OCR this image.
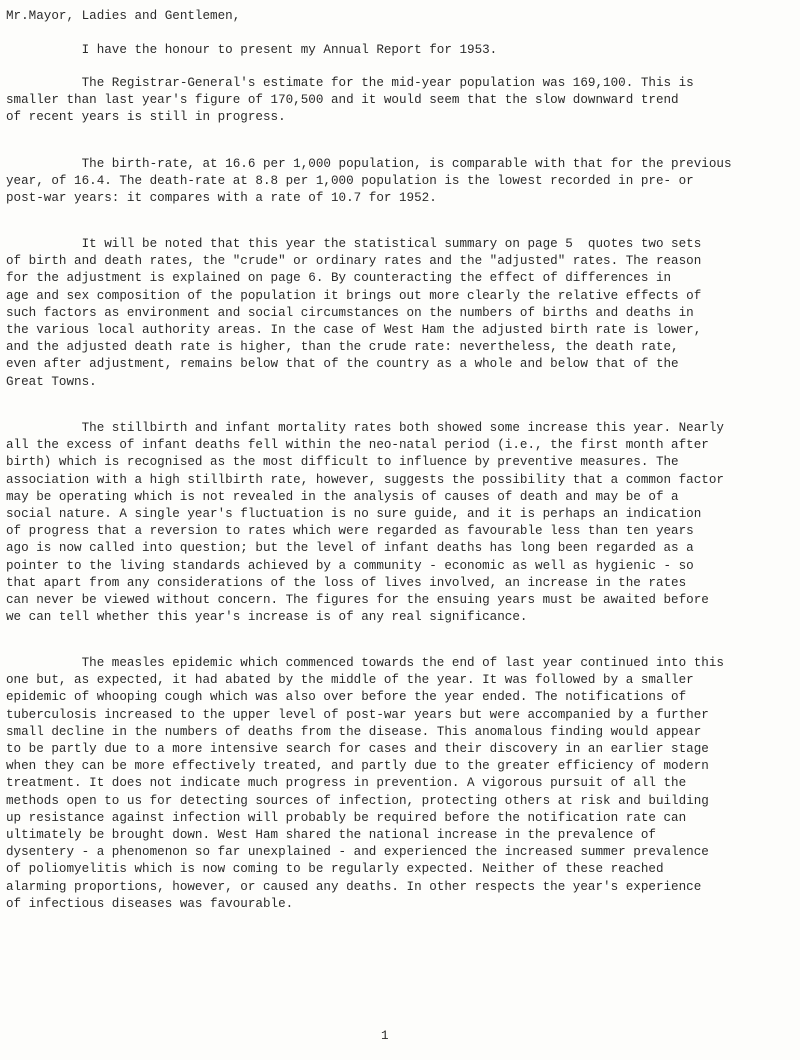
Mr.Mayor, Ladies and Gentlemen,
I have the honour to present my Annual Report for 1953.
The Registrar-General's estimate for the mid-year population was 169,100. This is
smaller than last year's figure of 170,500 and it would seem that the slow downward trend
of recent years is still in progress.
The birth-rate, at 16.6 per 1,000 population, is comparable with that for the previous
year, of 16.4. The death-rate at 8.8 per 1,000 population is the lowest recorded in pre- or
post-war years: it compares with a rate of 10.7 for 1952.
It will be noted that this year the statistical summary on page 5  quotes two sets
of birth and death rates, the "crude" or ordinary rates and the "adjusted" rates. The reason
for the adjustment is explained on page 6. By counteracting the effect of differences in
age and sex composition of the population it brings out more clearly the relative effects of
such factors as environment and social circumstances on the numbers of births and deaths in
the various local authority areas. In the case of West Ham the adjusted birth rate is lower,
and the adjusted death rate is higher, than the crude rate: nevertheless, the death rate,
even after adjustment, remains below that of the country as a whole and below that of the
Great Towns.
The stillbirth and infant mortality rates both showed some increase this year. Nearly
all the excess of infant deaths fell within the neo-natal period (i.e., the first month after
birth) which is recognised as the most difficult to influence by preventive measures. The
association with a high stillbirth rate, however, suggests the possibility that a common factor
may be operating which is not revealed in the analysis of causes of death and may be of a
social nature. A single year's fluctuation is no sure guide, and it is perhaps an indication
of progress that a reversion to rates which were regarded as favourable less than ten years
ago is now called into question; but the level of infant deaths has long been regarded as a
pointer to the living standards achieved by a community - economic as well as hygienic - so
that apart from any considerations of the loss of lives involved, an increase in the rates
can never be viewed without concern. The figures for the ensuing years must be awaited before
we can tell whether this year's increase is of any real significance.
The measles epidemic which commenced towards the end of last year continued into this
one but, as expected, it had abated by the middle of the year. It was followed by a smaller
epidemic of whooping cough which was also over before the year ended. The notifications of
tuberculosis increased to the upper level of post-war years but were accompanied by a further
small decline in the numbers of deaths from the disease. This anomalous finding would appear
to be partly due to a more intensive search for cases and their discovery in an earlier stage
when they can be more effectively treated, and partly due to the greater efficiency of modern
treatment. It does not indicate much progress in prevention. A vigorous pursuit of all the
methods open to us for detecting sources of infection, protecting others at risk and building
up resistance against infection will probably be required before the notification rate can
ultimately be brought down. West Ham shared the national increase in the prevalence of
dysentery - a phenomenon so far unexplained - and experienced the increased summer prevalence
of poliomyelitis which is now coming to be regularly expected. Neither of these reached
alarming proportions, however, or caused any deaths. In other respects the year's experience
of infectious diseases was favourable.
1
